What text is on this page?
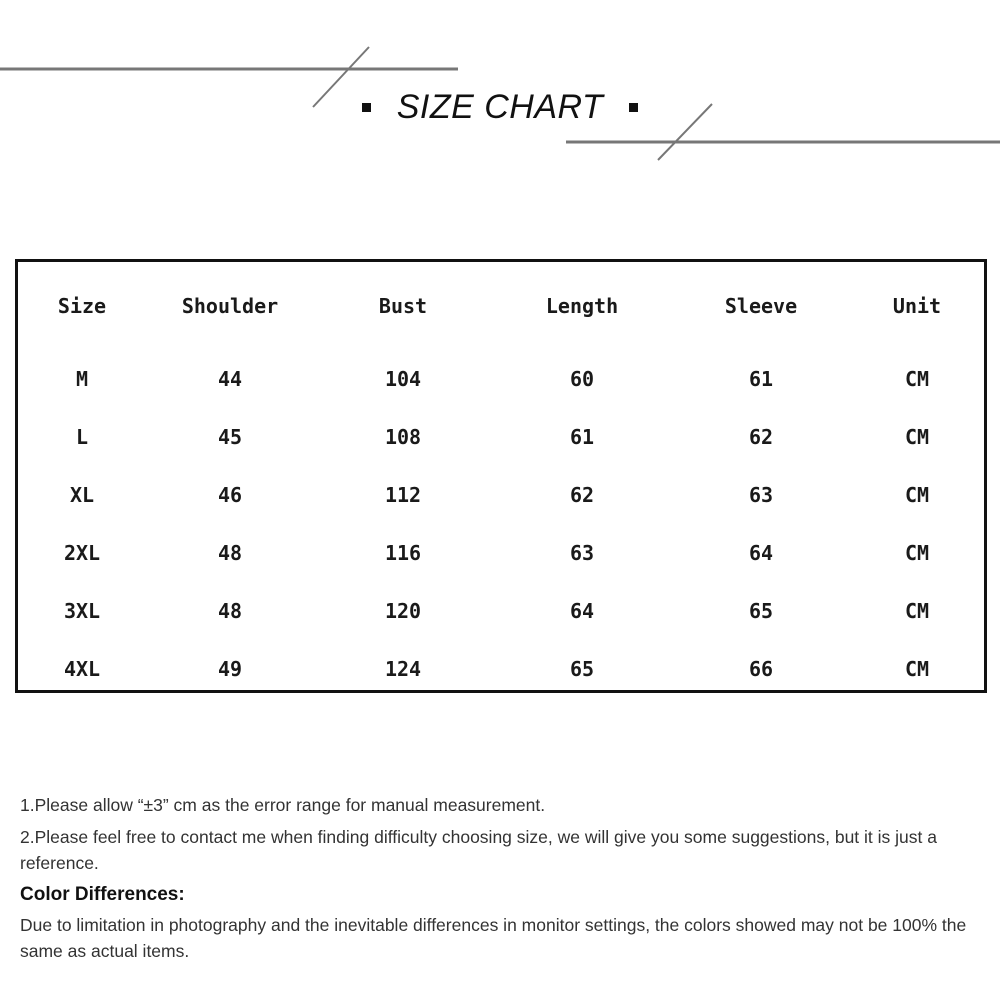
SIZE CHART
Size	Shoulder	Bust	Length	Sleeve	Unit
M	44	104	60	61	CM
L	45	108	61	62	CM
XL	46	112	62	63	CM
2XL	48	116	63	64	CM
3XL	48	120	64	65	CM
4XL	49	124	65	66	CM

1.Please allow “±3” cm as the error range for manual measurement.

2.Please feel free to contact me when finding difficulty choosing size, we will give you some suggestions, but it is just a reference.

Color Differences:

Due to limitation in photography and the inevitable differences in monitor settings, the colors showed may not be 100% the same as actual items.
